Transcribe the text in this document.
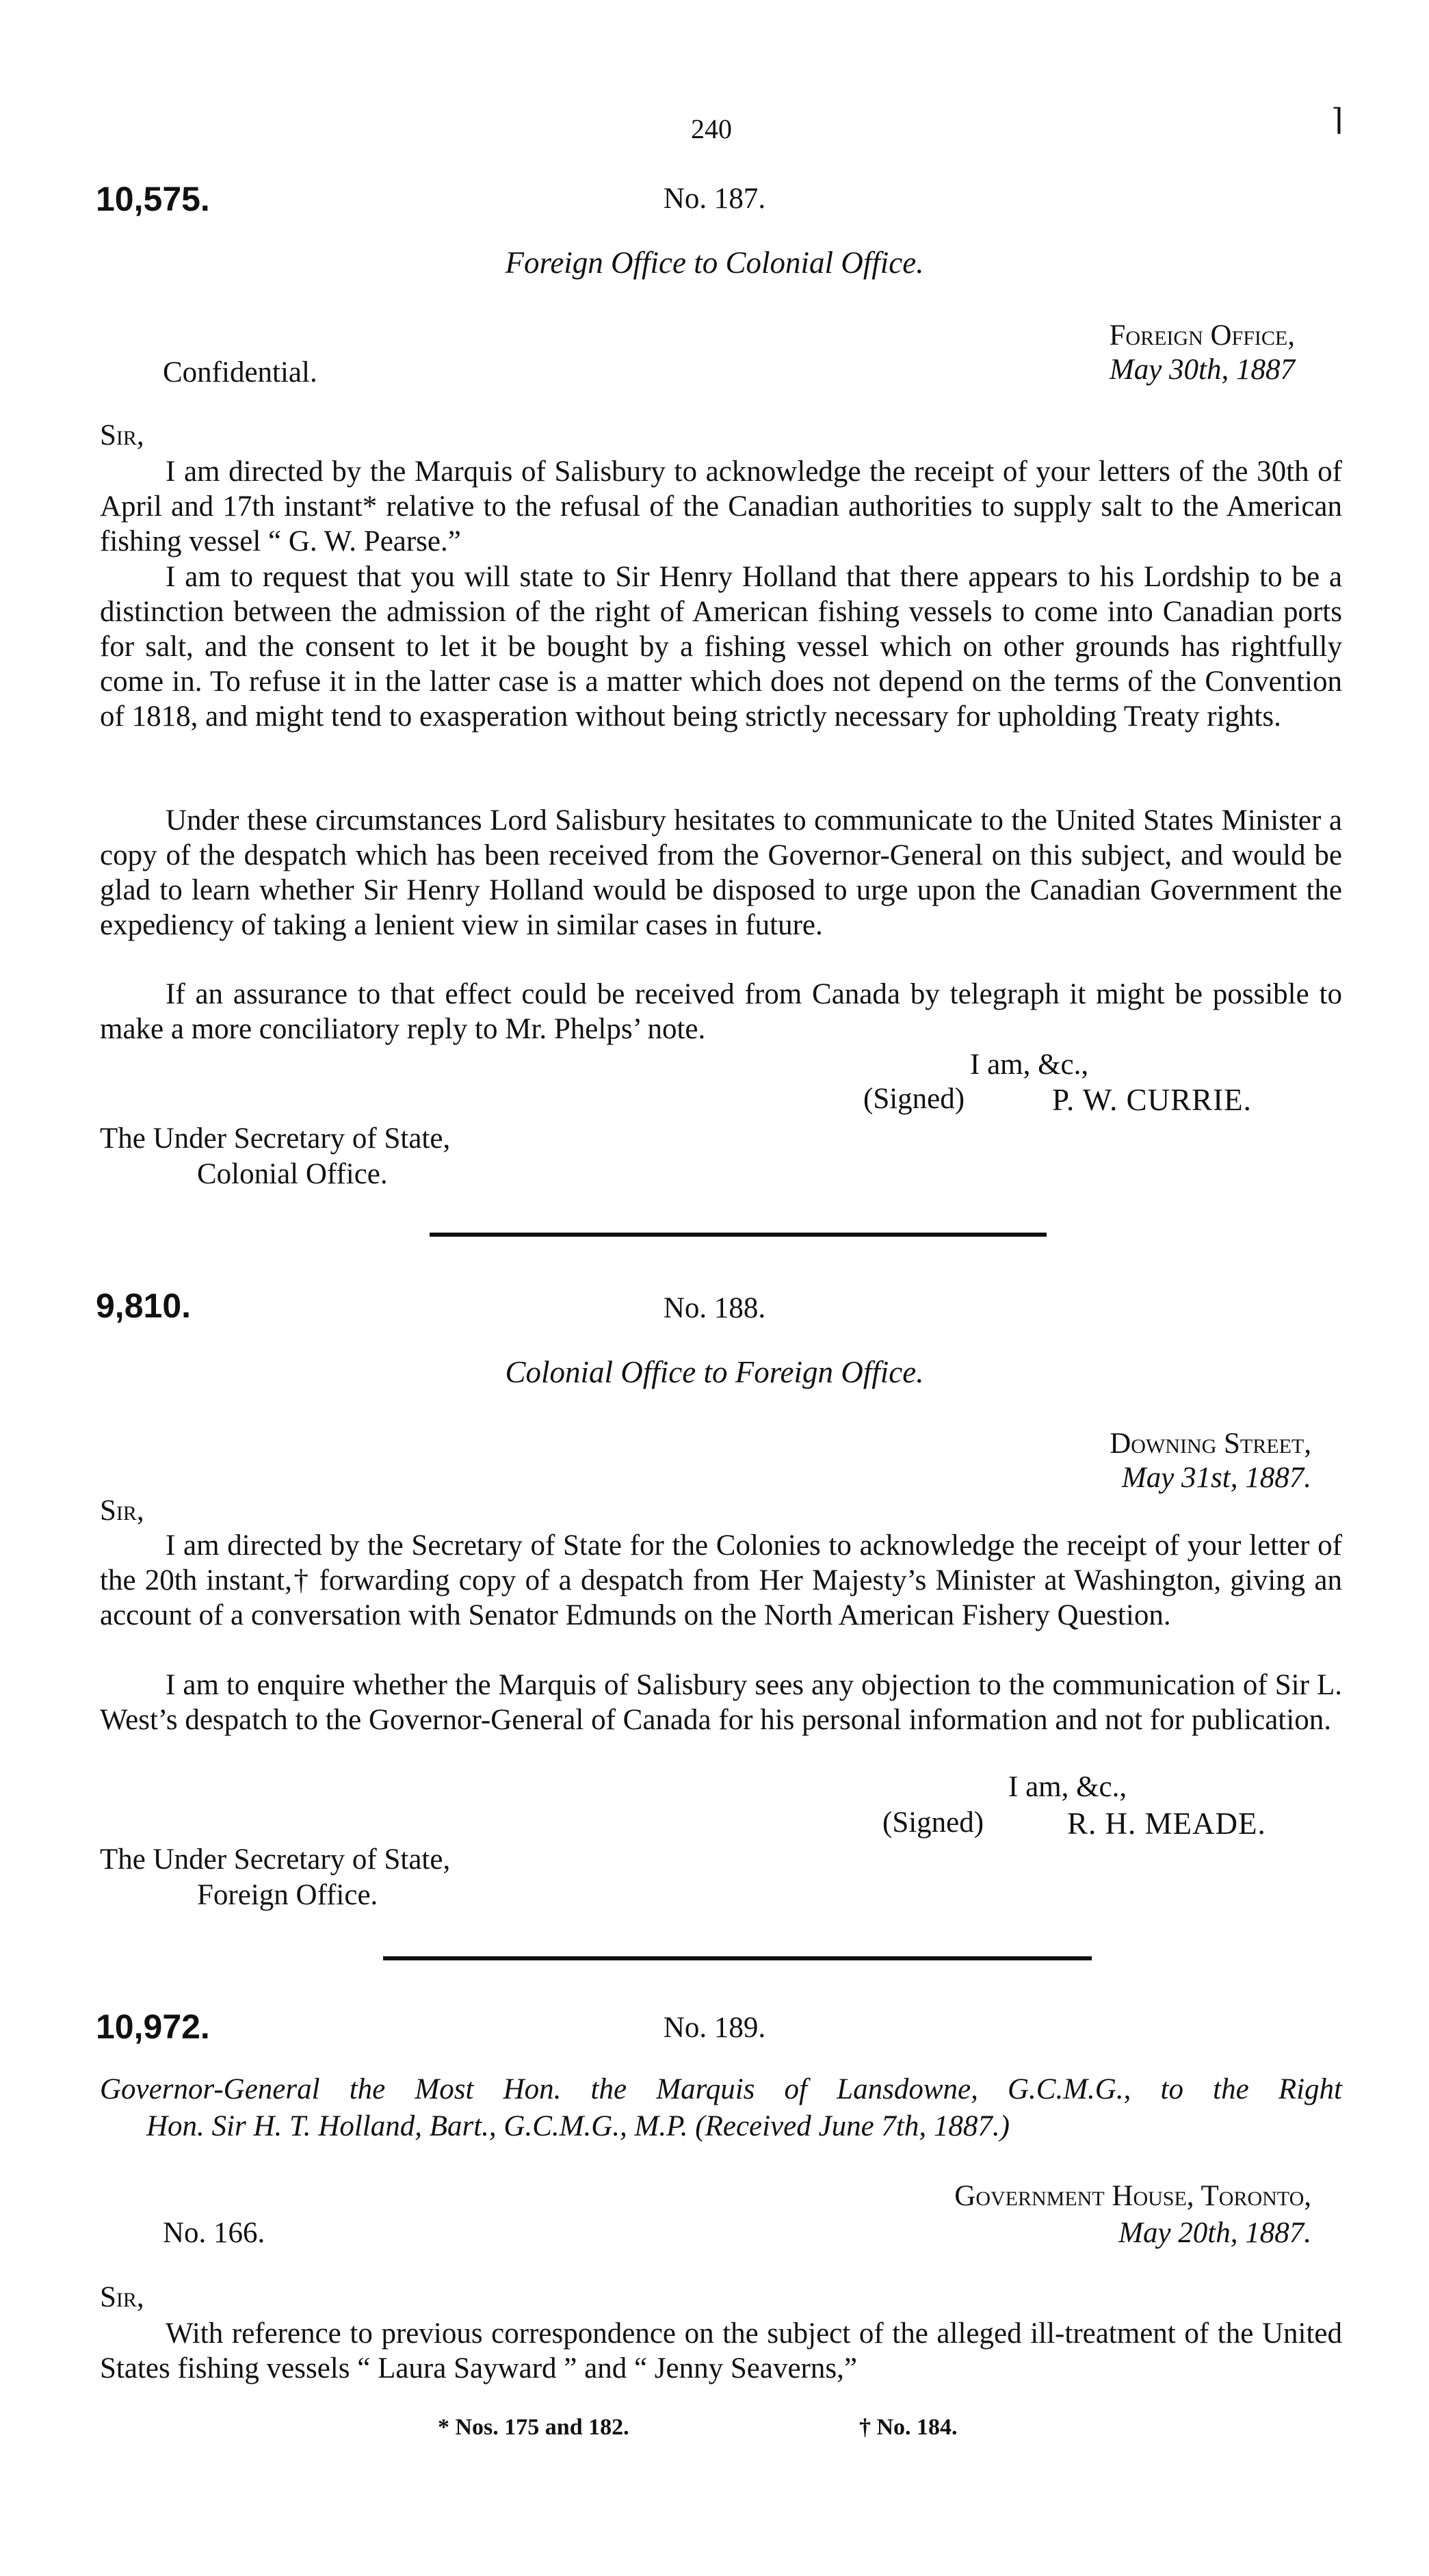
240	⌉
10,575.	No. 187.
Foreign Office to Colonial Office.
Foreign Office,
Confidential.	May 30th, 1887
Sir,
I am directed by the Marquis of Salisbury to acknowledge the receipt of your letters of the 30th of April and 17th instant* relative to the refusal of the Canadian authorities to supply salt to the American fishing vessel “ G. W. Pearse.”
I am to request that you will state to Sir Henry Holland that there appears to his Lordship to be a distinction between the admission of the right of American fishing vessels to come into Canadian ports for salt, and the consent to let it be bought by a fishing vessel which on other grounds has rightfully come in. To refuse it in the latter case is a matter which does not depend on the terms of the Convention of 1818, and might tend to exasperation without being strictly necessary for upholding Treaty rights.
Under these circumstances Lord Salisbury hesitates to communicate to the United States Minister a copy of the despatch which has been received from the Governor-General on this subject, and would be glad to learn whether Sir Henry Holland would be disposed to urge upon the Canadian Government the expediency of taking a lenient view in similar cases in future.
If an assurance to that effect could be received from Canada by telegraph it might be possible to make a more conciliatory reply to Mr. Phelps’ note.
I am, &c.,
(Signed)	P. W. CURRIE.
The Under Secretary of State,
Colonial Office.
9,810.	No. 188.
Colonial Office to Foreign Office.
Downing Street,
May 31st, 1887.
Sir,
I am directed by the Secretary of State for the Colonies to acknowledge the receipt of your letter of the 20th instant,† forwarding copy of a despatch from Her Majesty’s Minister at Washington, giving an account of a conversation with Senator Edmunds on the North American Fishery Question.
I am to enquire whether the Marquis of Salisbury sees any objection to the communication of Sir L. West’s despatch to the Governor-General of Canada for his personal information and not for publication.
I am, &c.,
(Signed)	R. H. MEADE.
The Under Secretary of State,
Foreign Office.
10,972.	No. 189.
Governor-General the Most Hon. the Marquis of Lansdowne, G.C.M.G., to the Right
Hon. Sir H. T. Holland, Bart., G.C.M.G., M.P. (Received June 7th, 1887.)
Government House, Toronto,
No. 166.	May 20th, 1887.
Sir,
With reference to previous correspondence on the subject of the alleged ill-treatment of the United States fishing vessels “ Laura Sayward ” and “ Jenny Seaverns,”
* Nos. 175 and 182.	† No. 184.
